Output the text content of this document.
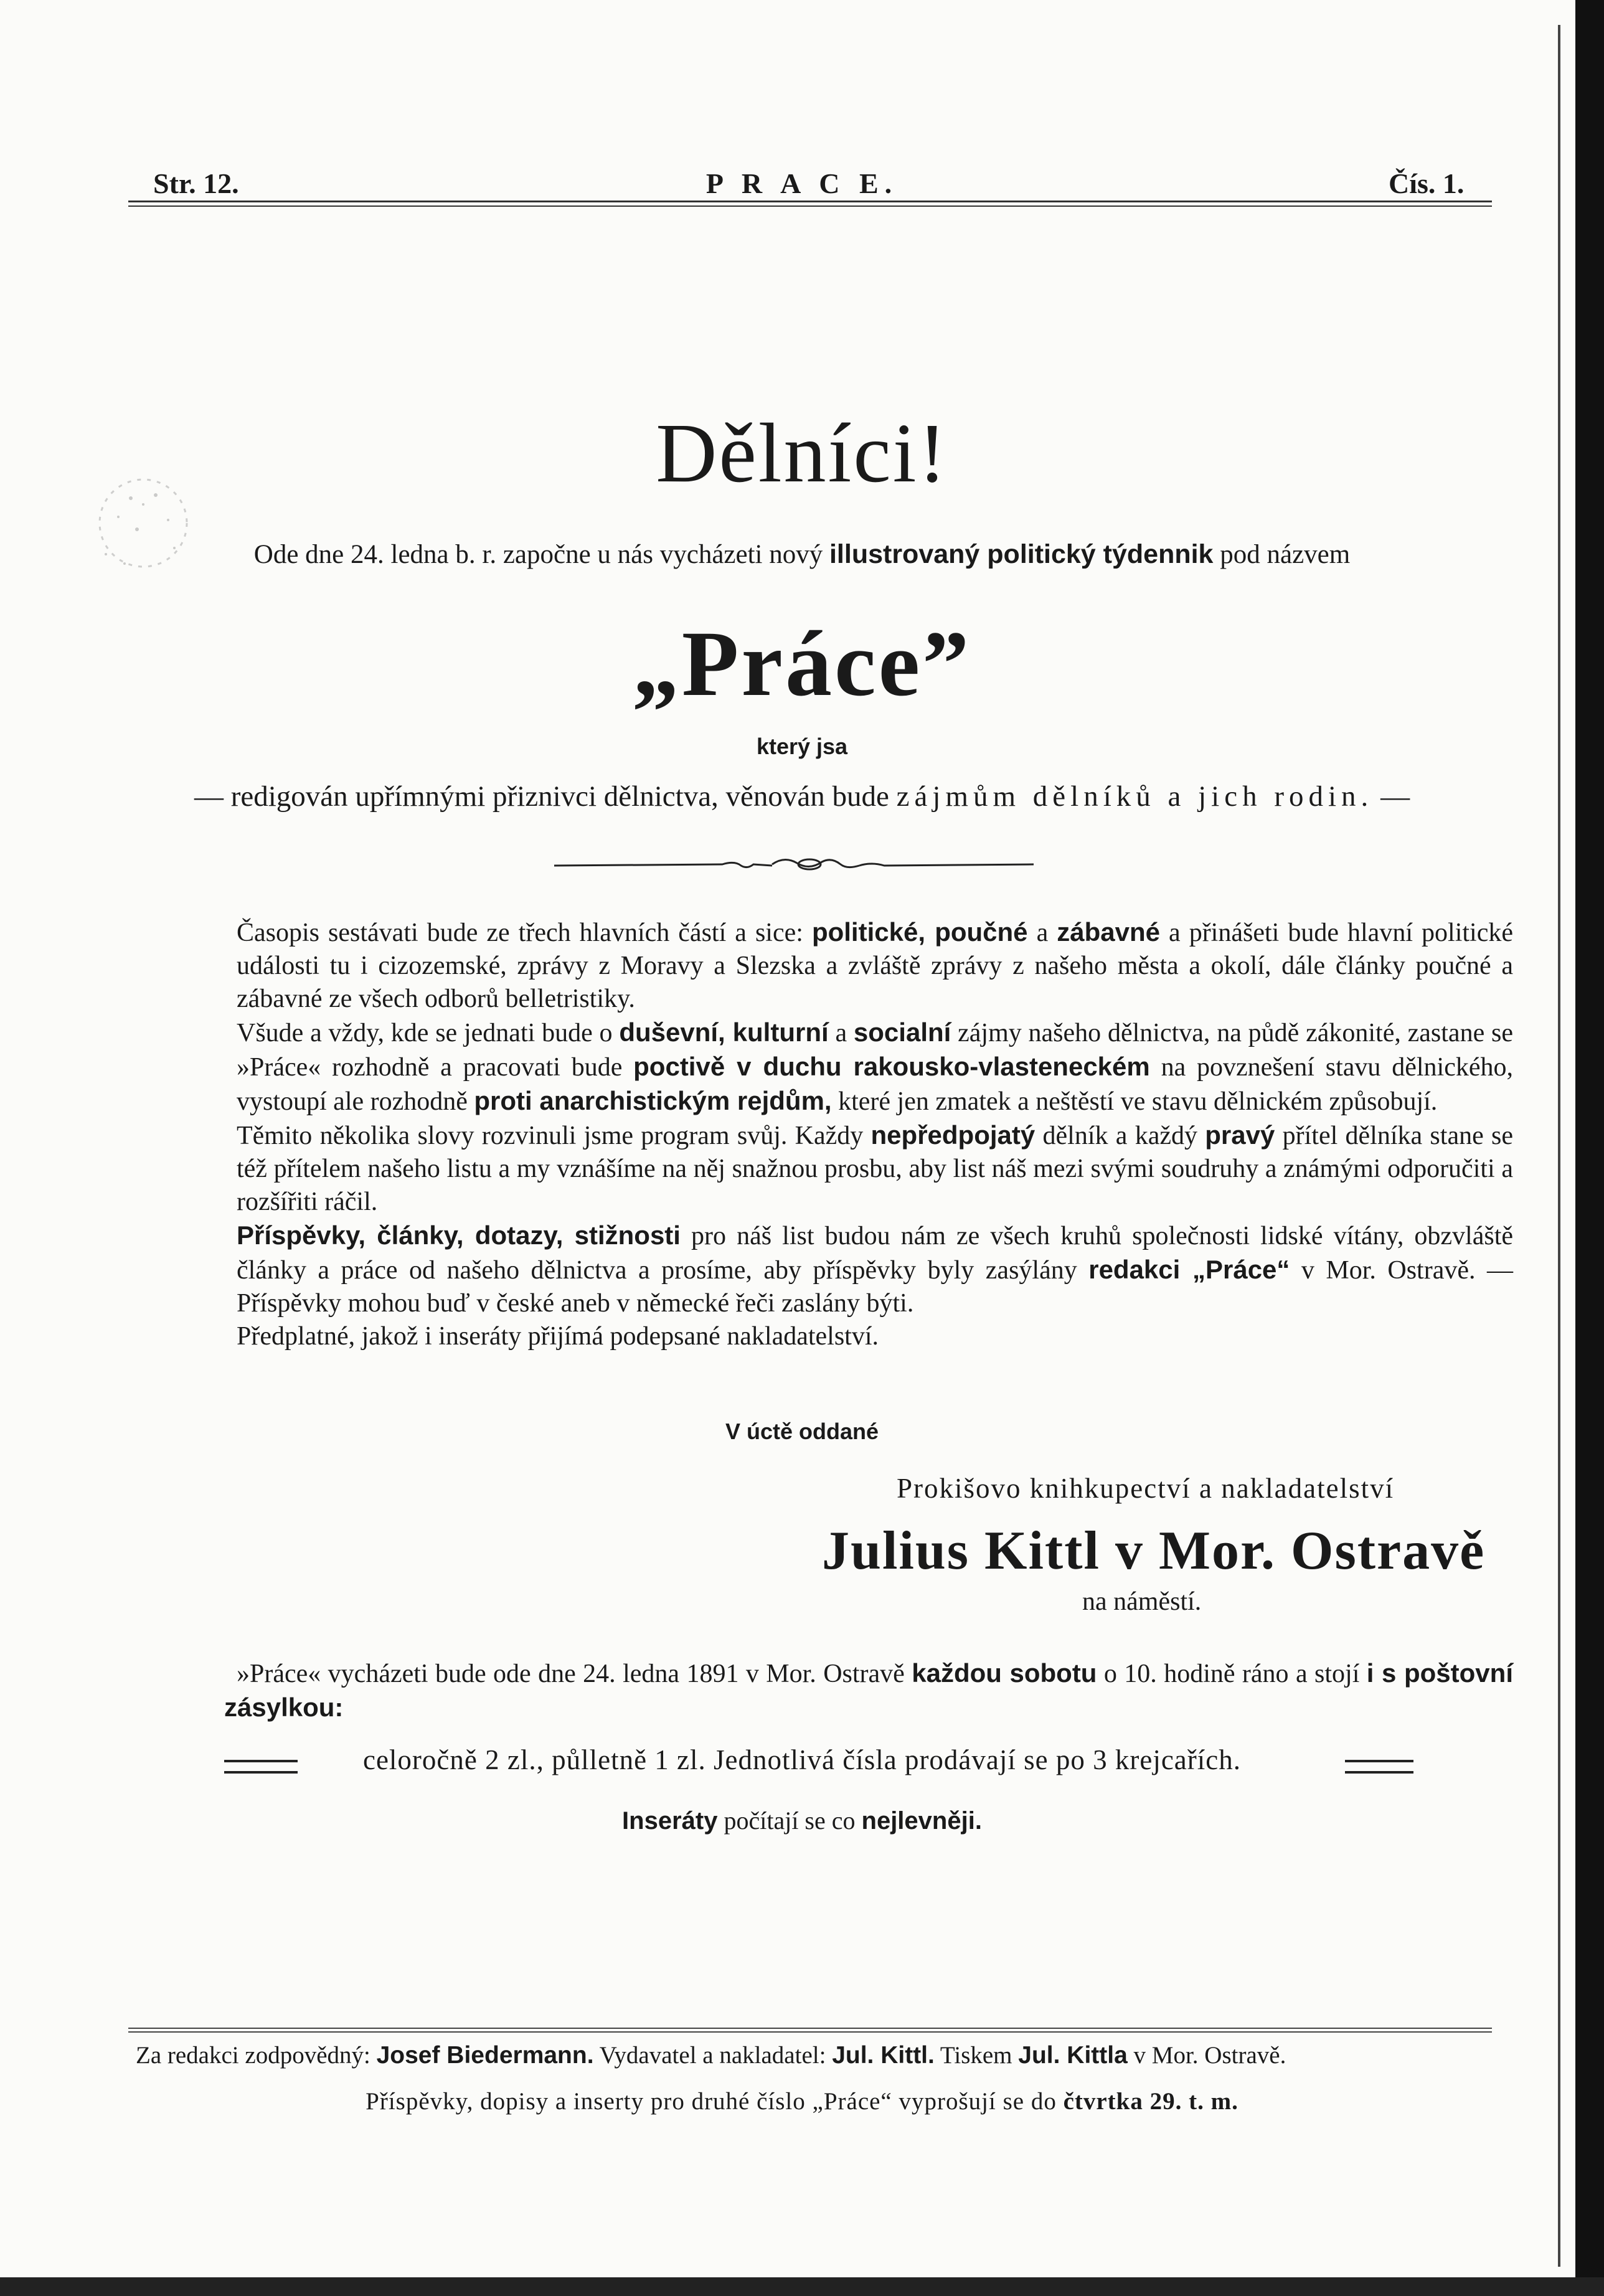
Str. 12.	P R A C E.	Čís. 1.
Dělníci!
Ode dne 24. ledna b. r. započne u nás vycházeti nový illustrovaný politický týdennik pod názvem
„Práce”
který jsa
— redigován upřímnými přiznivci dělnictva, věnován bude zájmům dělníků a jich rodin. —

Časopis sestávati bude ze třech hlavních částí a sice: politické, poučné a zábavné a přinášeti bude hlavní politické události tu i cizozemské, zprávy z Moravy a Slezska a zvláště zprávy z našeho města a okolí, dále články poučné a zábavné ze všech odborů belletristiky.

Všude a vždy, kde se jednati bude o duševní, kulturní a socialní zájmy našeho dělnictva, na půdě zákonité, zastane se »Práce« rozhodně a pracovati bude poctivě v duchu rakousko-vlasteneckém na povznešení stavu dělnického, vystoupí ale rozhodně proti anarchistickým rejdům, které jen zmatek a neštěstí ve stavu dělnickém způsobují.

Těmito několika slovy rozvinuli jsme program svůj. Každy nepředpojatý dělník a každý pravý přítel dělníka stane se též přítelem našeho listu a my vznášíme na něj snažnou prosbu, aby list náš mezi svými soudruhy a známými odporučiti a rozšířiti ráčil.

Příspěvky, články, dotazy, stižnosti pro náš list budou nám ze všech kruhů společnosti lidské vítány, obzvláště články a práce od našeho dělnictva a prosíme, aby příspěvky byly zasýlány redakci „Práce“ v Mor. Ostravě. — Příspěvky mohou buď v české aneb v německé řeči zaslány býti.

Předplatné, jakož i inseráty přijímá podepsané nakladatelství.

V úctě oddané
Prokišovo knihkupectví a nakladatelství
Julius Kittl v Mor. Ostravě
na náměstí.
»Práce« vycházeti bude ode dne 24. ledna 1891 v Mor. Ostravě každou sobotu o 10. hodině ráno a stojí i s poštovní zásylkou:
celoročně 2 zl., půlletně 1 zl. Jednotlivá čísla prodávají se po 3 krejcařích.
Inseráty počítají se co nejlevněji.
Za redakci zodpovědný: Josef Biedermann. Vydavatel a nakladatel: Jul. Kittl. Tiskem Jul. Kittla v Mor. Ostravě.
Příspěvky, dopisy a inserty pro druhé číslo „Práce“ vyprošují se do čtvrtka 29. t. m.
